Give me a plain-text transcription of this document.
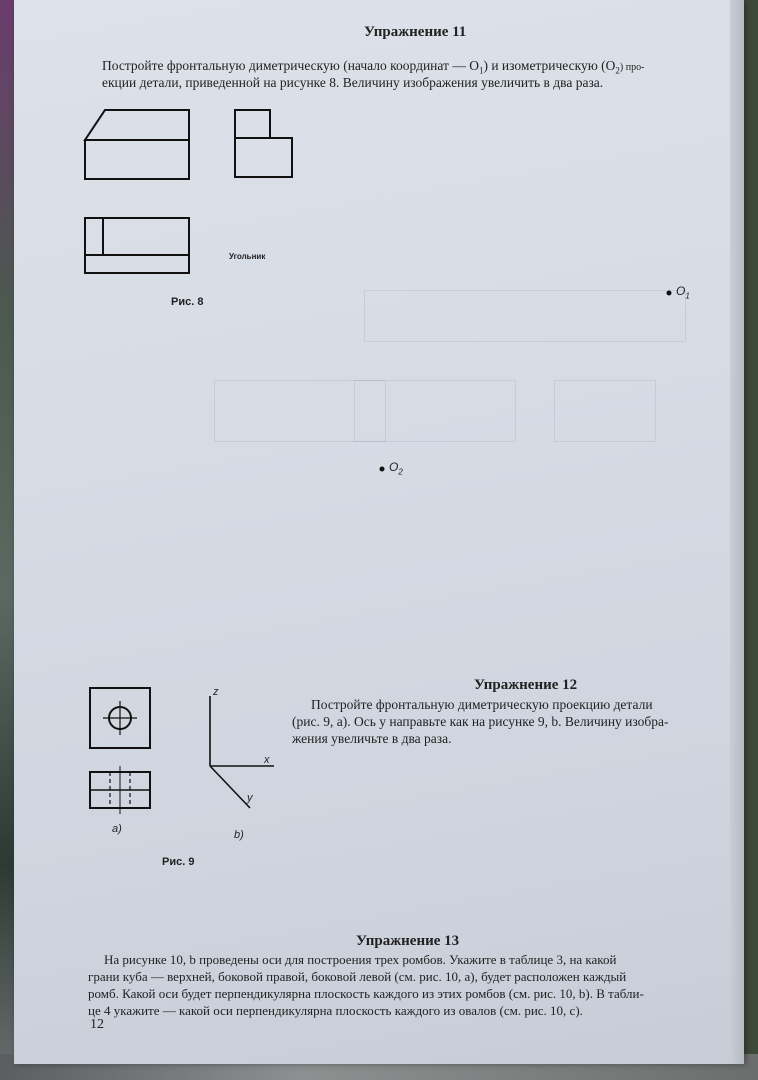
Упражнение 11

Постройте фронтальную диметрическую (начало координат — $O_1$) и изометрическую $(O_2)$ про-

екции детали, приведенной на рисунке 8. Величину изображения увеличить в два раза.

Угольник

Рис. 8

$O_1$

$O_2$

Упражнение 12

Постройте фронтальную диметрическую проекцию детали

(рис. 9, а). Ось y направьте как на рисунке 9, b. Величину изобра-

жения увеличьте в два раза.

z

x

y

a)	b)

Рис. 9

Упражнение 13

На рисунке 10, b проведены оси для построения трех ромбов. Укажите в таблице 3, на какой

грани куба — верхней, боковой правой, боковой левой (см. рис. 10, а), будет расположен каждый

ромб. Какой оси будет перпендикулярна плоскость каждого из этих ромбов (см. рис. 10, b). В табли-

це 4 укажите — какой оси перпендикулярна плоскость каждого из овалов (см. рис. 10, с).

12
